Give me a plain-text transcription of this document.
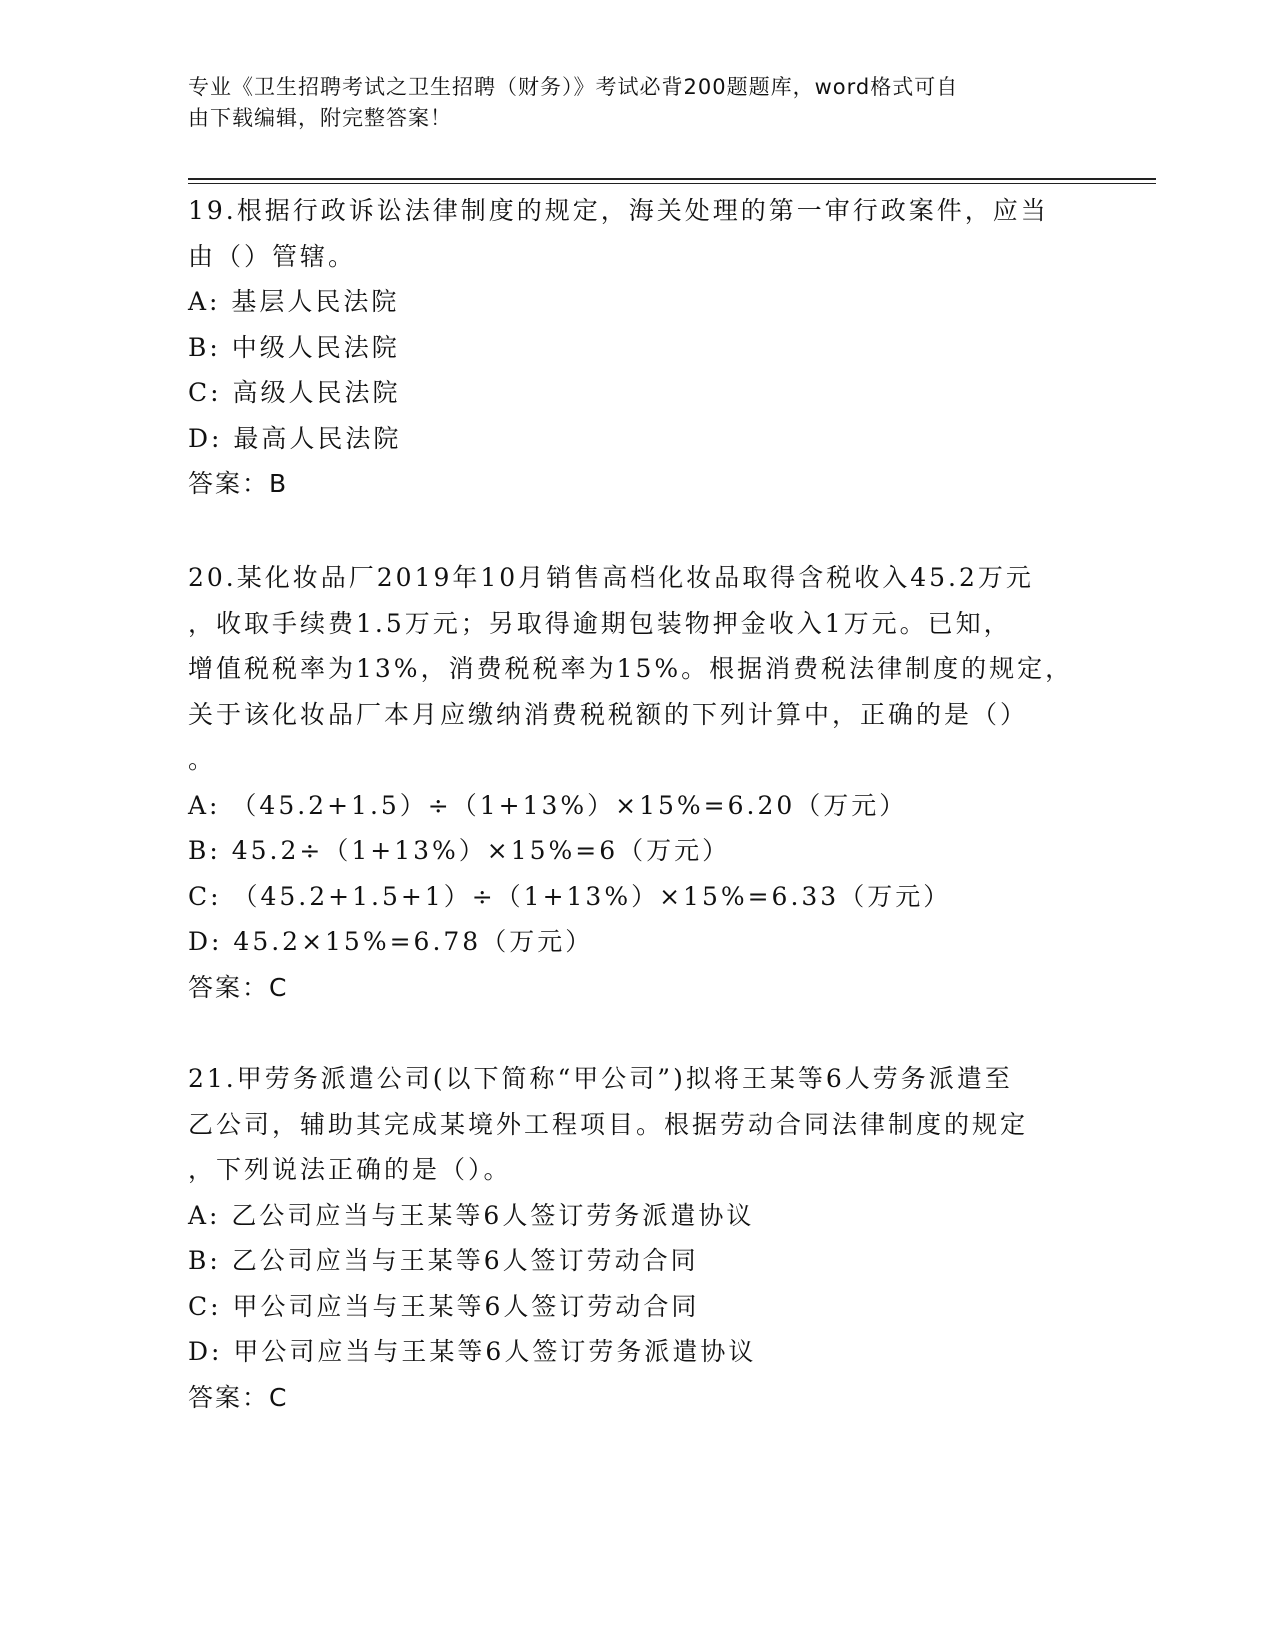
专业《卫生招聘考试之卫生招聘（财务）》考试必背200题题库，word格式可自
由下载编辑，附完整答案！

19.根据行政诉讼法律制度的规定，海关处理的第一审行政案件，应当

由（）管辖。

A: 基层人民法院

B: 中级人民法院

C: 高级人民法院

D: 最高人民法院

答案：B

20.某化妆品厂2019年10月销售高档化妆品取得含税收入45.2万元

，收取手续费1.5万元；另取得逾期包装物押金收入1万元。已知，

增值税税率为13%，消费税税率为15%。根据消费税法律制度的规定，

关于该化妆品厂本月应缴纳消费税税额的下列计算中，正确的是（）

。

A: （45.2+1.5）÷（1+13%）×15%=6.20（万元）

B: 45.2÷（1+13%）×15%=6（万元）

C: （45.2+1.5+1）÷（1+13%）×15%=6.33（万元）

D: 45.2×15%=6.78（万元）

答案：C

21.甲劳务派遣公司(以下简称“甲公司”)拟将王某等6人劳务派遣至

乙公司，辅助其完成某境外工程项目。根据劳动合同法律制度的规定

，下列说法正确的是（）。

A: 乙公司应当与王某等6人签订劳务派遣协议

B: 乙公司应当与王某等6人签订劳动合同

C: 甲公司应当与王某等6人签订劳动合同

D: 甲公司应当与王某等6人签订劳务派遣协议

答案：C
